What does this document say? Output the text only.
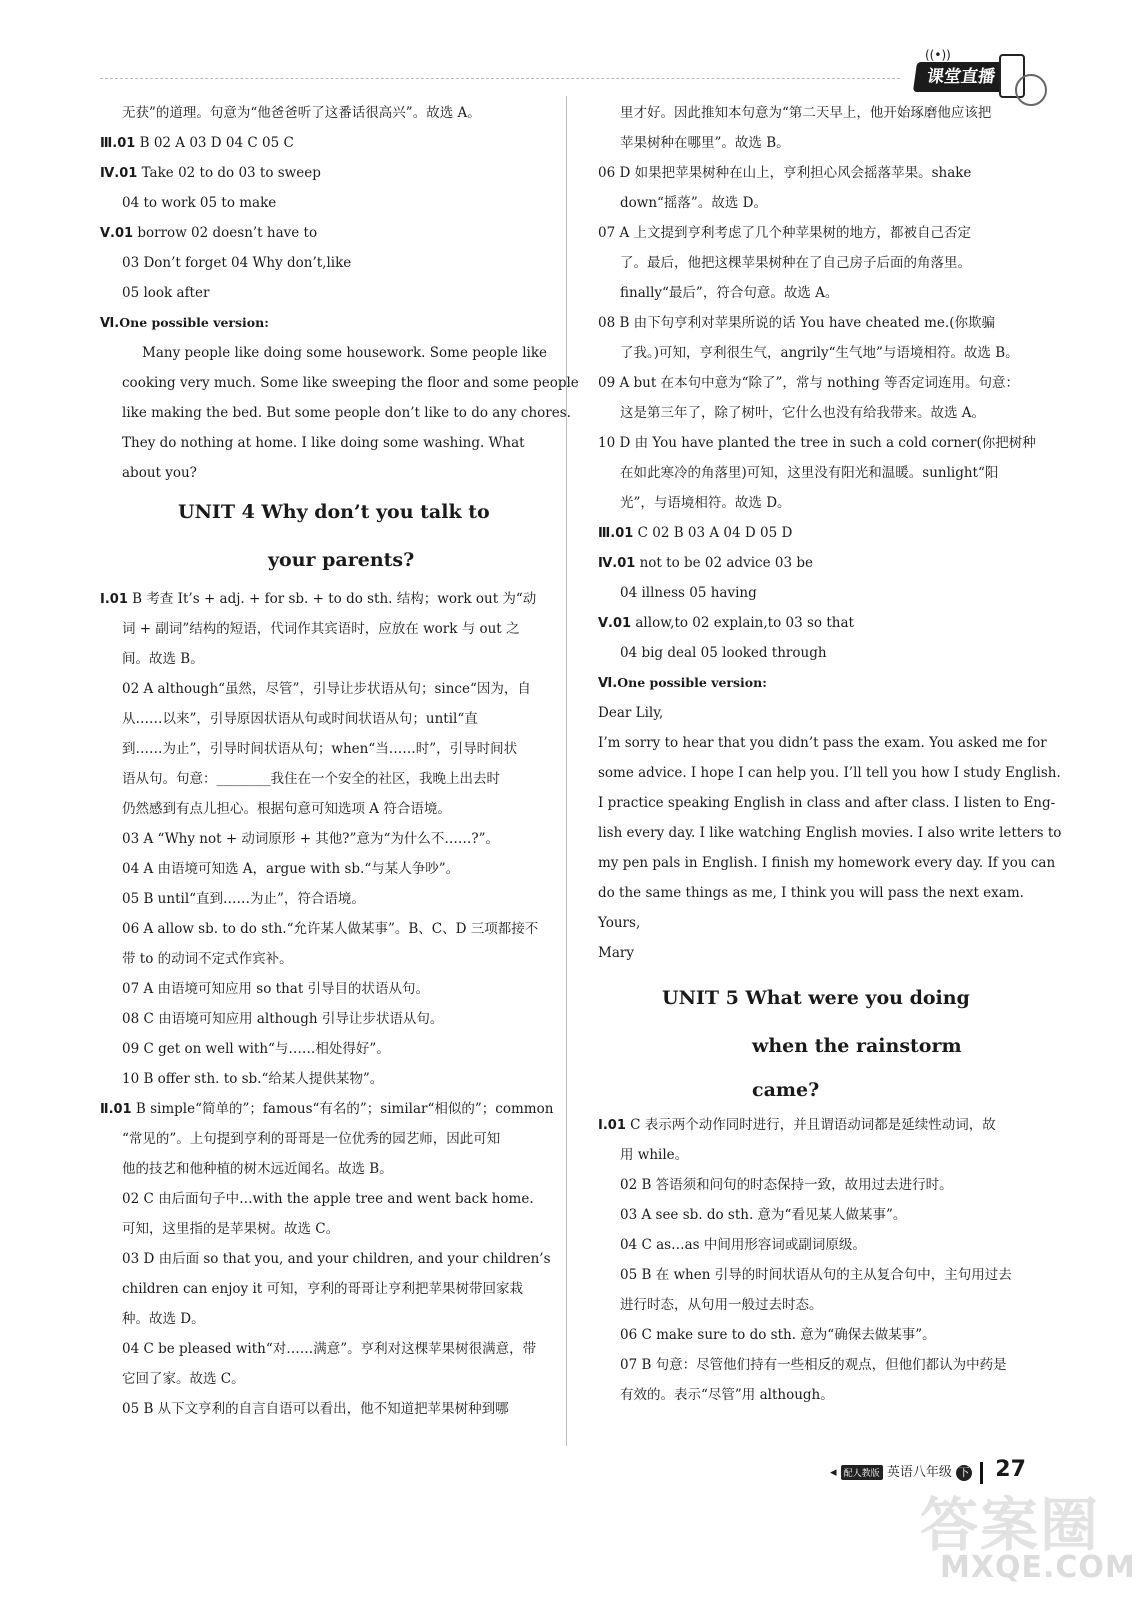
((•))
课堂直播
无获”的道理。句意为“他爸爸听了这番话很高兴”。故选 A。
Ⅲ.01 B 02 A 03 D 04 C 05 C
Ⅳ.01 Take 02 to do 03 to sweep
04 to work 05 to make
Ⅴ.01 borrow 02 doesn’t have to
03 Don’t forget 04 Why don’t,like
05 look after
Ⅵ.One possible version:
Many people like doing some housework. Some people like
cooking very much. Some like sweeping the floor and some people
like making the bed. But some people don’t like to do any chores.
They do nothing at home. I like doing some washing. What
about you?
UNIT 4 Why don’t you talk to
your parents?
Ⅰ.01 B 考查 It’s + adj. + for sb. + to do sth. 结构；work out 为“动
词 + 副词”结构的短语，代词作其宾语时，应放在 work 与 out 之
间。故选 B。
02 A although“虽然，尽管”，引导让步状语从句；since“因为，自
从……以来”，引导原因状语从句或时间状语从句；until“直
到……为止”，引导时间状语从句；when“当……时”，引导时间状
语从句。句意：________我住在一个安全的社区，我晚上出去时
仍然感到有点儿担心。根据句意可知选项 A 符合语境。
03 A “Why not + 动词原形 + 其他?”意为“为什么不……?”。
04 A 由语境可知选 A，argue with sb.“与某人争吵”。
05 B until“直到……为止”，符合语境。
06 A allow sb. to do sth.“允许某人做某事”。B、C、D 三项都接不
带 to 的动词不定式作宾补。
07 A 由语境可知应用 so that 引导目的状语从句。
08 C 由语境可知应用 although 引导让步状语从句。
09 C get on well with“与……相处得好”。
10 B offer sth. to sb.“给某人提供某物”。
Ⅱ.01 B simple“简单的”；famous“有名的”；similar“相似的”；common
“常见的”。上句提到亨利的哥哥是一位优秀的园艺师，因此可知
他的技艺和他种植的树木远近闻名。故选 B。
02 C 由后面句子中…with the apple tree and went back home.
可知，这里指的是苹果树。故选 C。
03 D 由后面 so that you, and your children, and your children’s
children can enjoy it 可知，亨利的哥哥让亨利把苹果树带回家栽
种。故选 D。
04 C be pleased with“对……满意”。亨利对这棵苹果树很满意，带
它回了家。故选 C。
05 B 从下文亨利的自言自语可以看出，他不知道把苹果树种到哪
里才好。因此推知本句意为“第二天早上，他开始琢磨他应该把
苹果树种在哪里”。故选 B。
06 D 如果把苹果树种在山上，亨利担心风会摇落苹果。shake
down“摇落”。故选 D。
07 A 上文提到亨利考虑了几个种苹果树的地方，都被自己否定
了。最后，他把这棵苹果树种在了自己房子后面的角落里。
finally“最后”，符合句意。故选 A。
08 B 由下句亨利对苹果所说的话 You have cheated me.(你欺骗
了我。)可知，亨利很生气，angrily“生气地”与语境相符。故选 B。
09 A but 在本句中意为“除了”，常与 nothing 等否定词连用。句意：
这是第三年了，除了树叶，它什么也没有给我带来。故选 A。
10 D 由 You have planted the tree in such a cold corner(你把树种
在如此寒冷的角落里)可知，这里没有阳光和温暖。sunlight“阳
光”，与语境相符。故选 D。
Ⅲ.01 C 02 B 03 A 04 D 05 D
Ⅳ.01 not to be 02 advice 03 be
04 illness 05 having
Ⅴ.01 allow,to 02 explain,to 03 so that
04 big deal 05 looked through
Ⅵ.One possible version:
Dear Lily,
I’m sorry to hear that you didn’t pass the exam. You asked me for
some advice. I hope I can help you. I’ll tell you how I study English.
I practice speaking English in class and after class. I listen to Eng-
lish every day. I like watching English movies. I also write letters to
my pen pals in English. I finish my homework every day. If you can
do the same things as me, I think you will pass the next exam.
Yours,
Mary
UNIT 5 What were you doing
when the rainstorm
came?
Ⅰ.01 C 表示两个动作同时进行，并且谓语动词都是延续性动词，故
用 while。
02 B 答语须和问句的时态保持一致，故用过去进行时。
03 A see sb. do sth. 意为“看见某人做某事”。
04 C as…as 中间用形容词或副词原级。
05 B 在 when 引导的时间状语从句的主从复合句中，主句用过去
进行时态，从句用一般过去时态。
06 C make sure to do sth. 意为“确保去做某事”。
07 B 句意：尽管他们持有一些相反的观点，但他们都认为中药是
有效的。表示“尽管”用 although。
◂ 配人教版 英语八年级 下 27
答案圈
MXQE.COM
